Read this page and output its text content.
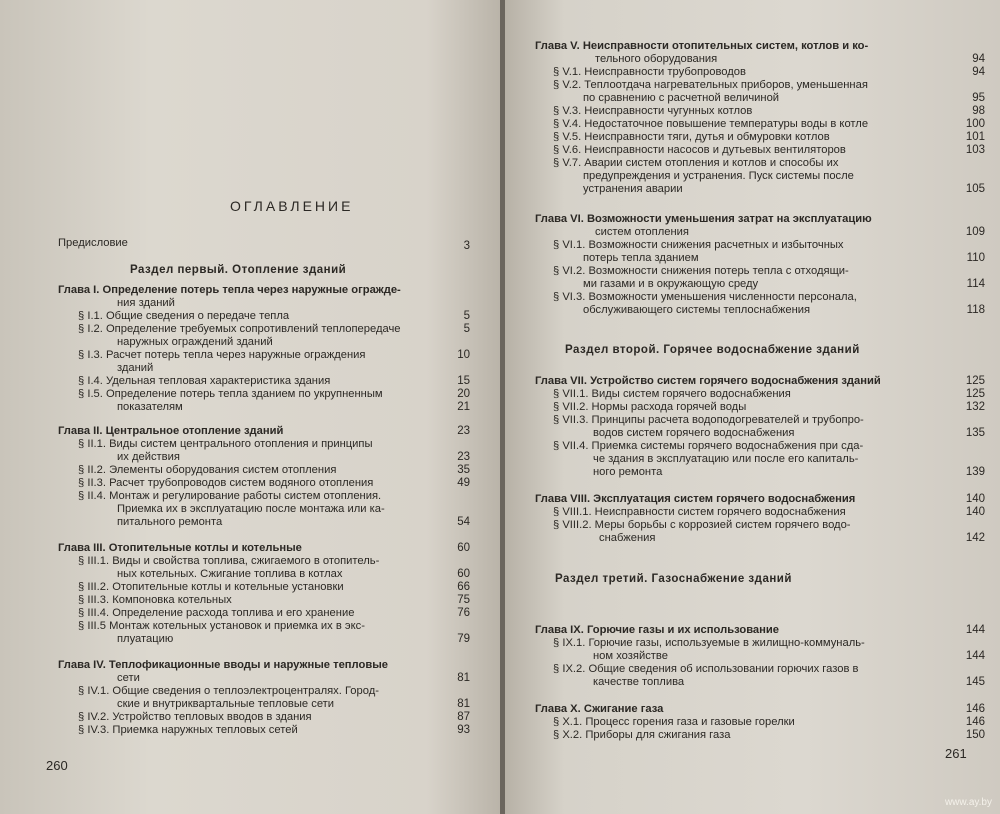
ОГЛАВЛЕНИЕ
Предисловие	3
Раздел первый. Отопление зданий
Глава I. Определение потерь тепла через наружные огражде-
ния зданий
§ I.1. Общие сведения о передаче тепла	5
§ I.2. Определение требуемых сопротивлений теплопередаче	5
наружных ограждений зданий
§ I.3. Расчет потерь тепла через наружные ограждения	10
зданий
§ I.4. Удельная тепловая характеристика здания	15
§ I.5. Определение потерь тепла зданием по укрупненным	20
показателям	21
Глава II. Центральное отопление зданий	23
§ II.1. Виды систем центрального отопления и принципы
их действия	23
§ II.2. Элементы оборудования систем отопления	35
§ II.3. Расчет трубопроводов систем водяного отопления	49
§ II.4. Монтаж и регулирование работы систем отопления.
Приемка их в эксплуатацию после монтажа или ка-
питального ремонта	54
Глава III. Отопительные котлы и котельные	60
§ III.1. Виды и свойства топлива, сжигаемого в отопитель-
ных котельных. Сжигание топлива в котлах	60
§ III.2. Отопительные котлы и котельные установки	66
§ III.3. Компоновка котельных	75
§ III.4. Определение расхода топлива и его хранение	76
§ III.5 Монтаж котельных установок и приемка их в экс-
плуатацию	79
Глава IV. Теплофикационные вводы и наружные тепловые
сети	81
§ IV.1. Общие сведения о теплоэлектроцентралях. Город-
ские и внутриквартальные тепловые сети	81
§ IV.2. Устройство тепловых вводов в здания	87
§ IV.3. Приемка наружных тепловых сетей	93
260
Глава V. Неисправности отопительных систем, котлов и ко-
тельного оборудования	94
§ V.1. Неисправности трубопроводов	94
§ V.2. Теплоотдача нагревательных приборов, уменьшенная
по сравнению с расчетной величиной	95
§ V.3. Неисправности чугунных котлов	98
§ V.4. Недостаточное повышение температуры воды в котле	100
§ V.5. Неисправности тяги, дутья и обмуровки котлов	101
§ V.6. Неисправности насосов и дутьевых вентиляторов	103
§ V.7. Аварии систем отопления и котлов и способы их
предупреждения и устранения. Пуск системы после
устранения аварии	105
Глава VI. Возможности уменьшения затрат на эксплуатацию
систем отопления	109
§ VI.1. Возможности снижения расчетных и избыточных
потерь тепла зданием	110
§ VI.2. Возможности снижения потерь тепла с отходящи-
ми газами и в окружающую среду	114
§ VI.3. Возможности уменьшения численности персонала,
обслуживающего системы теплоснабжения	118
Глава VII. Устройство систем горячего водоснабжения зданий	125
§ VII.1. Виды систем горячего водоснабжения	125
§ VII.2. Нормы расхода горячей воды	132
§ VII.3. Принципы расчета водоподогревателей и трубопро-
водов систем горячего водоснабжения	135
§ VII.4. Приемка системы горячего водоснабжения при сда-
че здания в эксплуатацию или после его капиталь-
ного ремонта	139
Глава VIII. Эксплуатация систем горячего водоснабжения	140
§ VIII.1. Неисправности систем горячего водоснабжения	140
§ VIII.2. Меры борьбы с коррозией систем горячего водо-
снабжения	142
Глава IX. Горючие газы и их использование	144
§ IX.1. Горючие газы, используемые в жилищно-коммуналь-
ном хозяйстве	144
§ IX.2. Общие сведения об использовании горючих газов в
качестве топлива	145
Глава X. Сжигание газа	146
§ X.1. Процесс горения газа и газовые горелки	146
§ X.2. Приборы для сжигания газа	150
Раздел второй. Горячее водоснабжение зданий
Раздел третий. Газоснабжение зданий
261
www.ay.by
